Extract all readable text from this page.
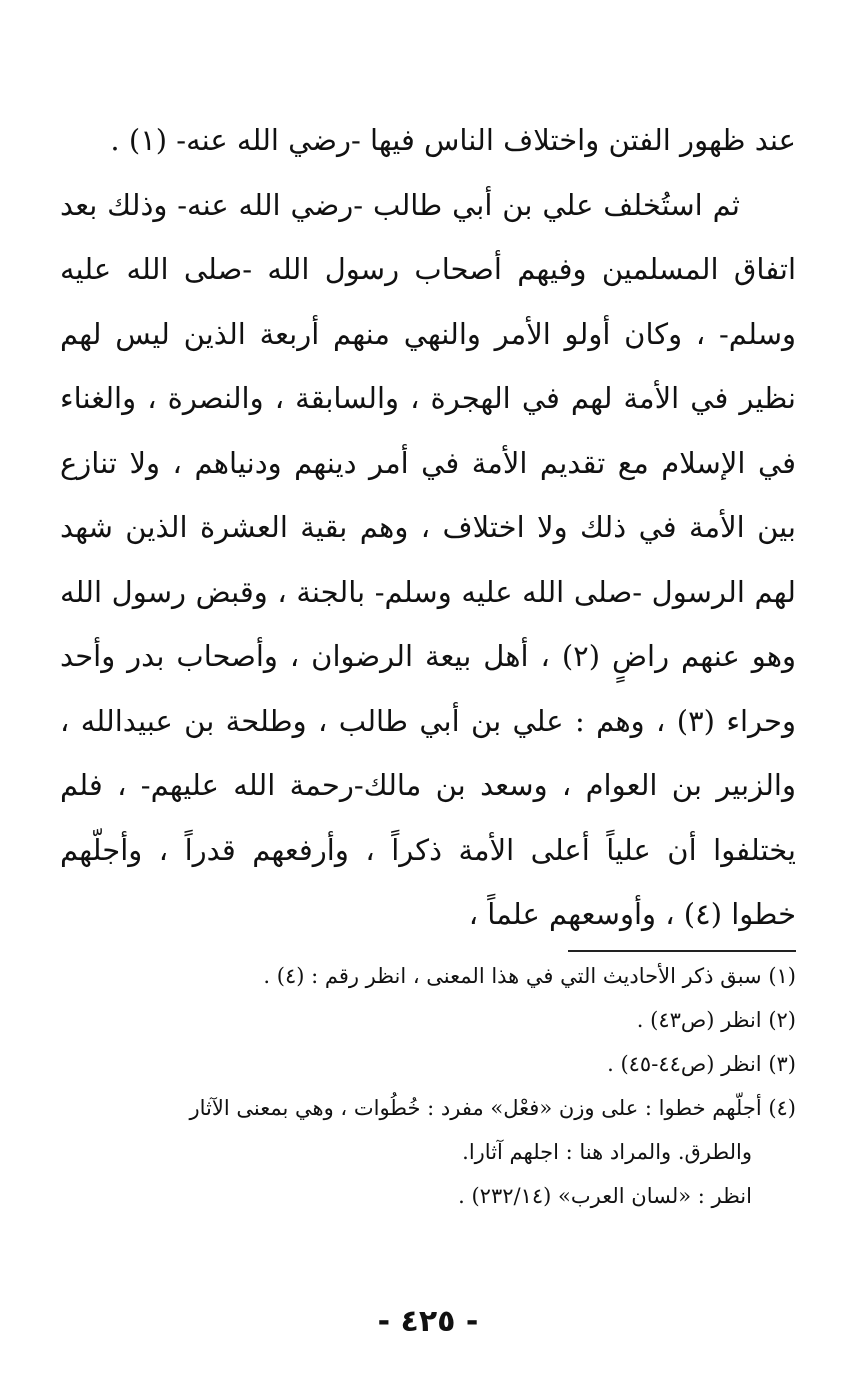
عند ظهور الفتن واختلاف الناس فيها -رضي الله عنه- (١) .

ثم استُخلف علي بن أبي طالب -رضي الله عنه- وذلك بعد اتفاق المسلمين وفيهم أصحاب رسول الله -صلى الله عليه وسلم- ، وكان أولو الأمر والنهي منهم أربعة الذين ليس لهم نظير في الأمة لهم في الهجرة ، والسابقة ، والنصرة ، والغناء في الإسلام مع تقديم الأمة في أمر دينهم ودنياهم ، ولا تنازع بين الأمة في ذلك ولا اختلاف ، وهم بقية العشرة الذين شهد لهم الرسول -صلى الله عليه وسلم- بالجنة ، وقبض رسول الله وهو عنهم راضٍ (٢) ، أهل بيعة الرضوان ، وأصحاب بدر وأحد وحراء (٣) ، وهم : علي بن أبي طالب ، وطلحة بن عبيدالله ، والزبير بن العوام ، وسعد بن مالك-رحمة الله عليهم- ، فلم يختلفوا أن علياً أعلى الأمة ذكراً ، وأرفعهم قدراً ، وأجلّهم خطوا (٤) ، وأوسعهم علماً ،

(١) سبق ذكر الأحاديث التي في هذا المعنى ، انظر رقم : (٤) .

(٢) انظر (ص٤٣) .

(٣) انظر (ص٤٤-٤٥) .

(٤) أجلّهم خطوا : على وزن «فعْل» مفرد : خُطُوات ، وهي بمعنى الآثار

والطرق. والمراد هنا : اجلهم آثارا.

انظر : «لسان العرب» (٢٣٢/١٤) .

- ٤٢٥ -
